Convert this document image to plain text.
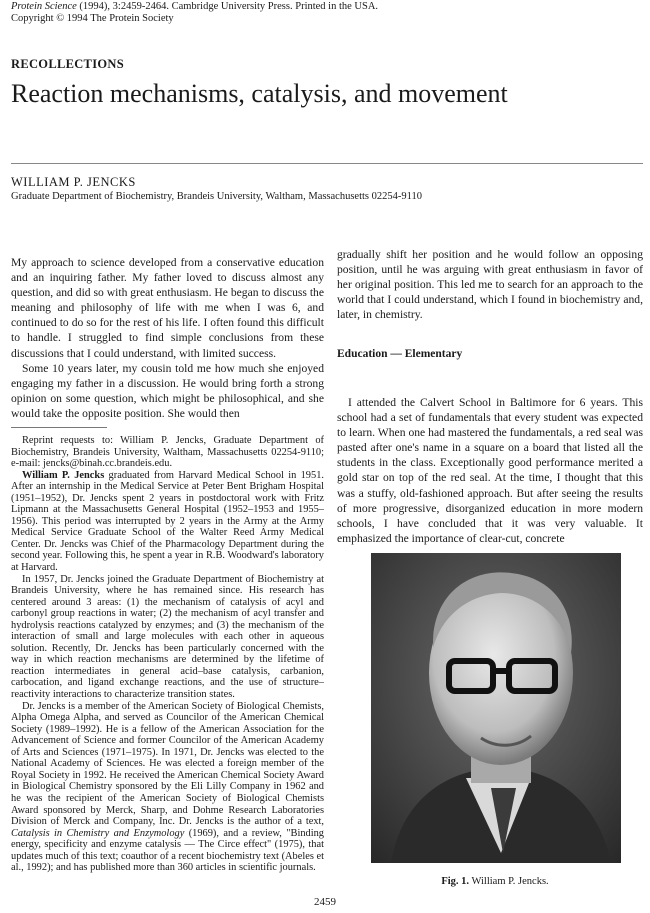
Protein Science (1994), 3:2459-2464. Cambridge University Press. Printed in the USA.
Copyright © 1994 The Protein Society
RECOLLECTIONS
Reaction mechanisms, catalysis, and movement
WILLIAM P. JENCKS
Graduate Department of Biochemistry, Brandeis University, Waltham, Massachusetts 02254-9110

My approach to science developed from a conservative education and an inquiring father. My father loved to discuss almost any question, and did so with great enthusiasm. He began to discuss the meaning and philosophy of life with me when I was 6, and continued to do so for the rest of his life. I often found this difficult to handle. I struggled to find simple conclusions from these discussions that I could understand, with limited success.

Some 10 years later, my cousin told me how much she enjoyed engaging my father in a discussion. He would bring forth a strong opinion on some question, which might be philosophical, and she would take the opposite position. She would then

gradually shift her position and he would follow an opposing position, until he was arguing with great enthusiasm in favor of her original position. This led me to search for an approach to the world that I could understand, which I found in biochemistry and, later, in chemistry.

Education — Elementary

I attended the Calvert School in Baltimore for 6 years. This school had a set of fundamentals that every student was expected to learn. When one had mastered the fundamentals, a red seal was pasted after one's name in a square on a board that listed all the students in the class. Exceptionally good performance merited a gold star on top of the red seal. At the time, I thought that this was a stuffy, old-fashioned approach. But after seeing the results of more progressive, disorganized education in more modern schools, I have concluded that it was very valuable. It emphasized the importance of clear-cut, concrete

Reprint requests to: William P. Jencks, Graduate Department of Biochemistry, Brandeis University, Waltham, Massachusetts 02254-9110; e-mail: jencks@binah.cc.brandeis.edu.

William P. Jencks graduated from Harvard Medical School in 1951. After an internship in the Medical Service at Peter Bent Brigham Hospital (1951–1952), Dr. Jencks spent 2 years in postdoctoral work with Fritz Lipmann at the Massachusetts General Hospital (1952–1953 and 1955–1956). This period was interrupted by 2 years in the Army at the Army Medical Service Graduate School of the Walter Reed Army Medical Center. Dr. Jencks was Chief of the Pharmacology Department during the second year. Following this, he spent a year in R.B. Woodward's laboratory at Harvard.

In 1957, Dr. Jencks joined the Graduate Department of Biochemistry at Brandeis University, where he has remained since. His research has centered around 3 areas: (1) the mechanism of catalysis of acyl and carbonyl group reactions in water; (2) the mechanism of acyl transfer and hydrolysis reactions catalyzed by enzymes; and (3) the mechanism of the interaction of small and large molecules with each other in aqueous solution. Recently, Dr. Jencks has been particularly concerned with the way in which reaction mechanisms are determined by the lifetime of reaction intermediates in general acid–base catalysis, carbanion, carbocation, and ligand exchange reactions, and the use of structure–reactivity interactions to characterize transition states.

Dr. Jencks is a member of the American Society of Biological Chemists, Alpha Omega Alpha, and served as Councilor of the American Chemical Society (1989–1992). He is a fellow of the American Association for the Advancement of Science and former Councilor of the American Academy of Arts and Sciences (1971–1975). In 1971, Dr. Jencks was elected to the National Academy of Sciences. He was elected a foreign member of the Royal Society in 1992. He received the American Chemical Society Award in Biological Chemistry sponsored by the Eli Lilly Company in 1962 and he was the recipient of the American Society of Biological Chemists Award sponsored by Merck, Sharp, and Dohme Research Laboratories Division of Merck and Company, Inc. Dr. Jencks is the author of a text, Catalysis in Chemistry and Enzymology (1969), and a review, "Binding energy, specificity and enzyme catalysis — The Circe effect" (1975), that updates much of this text; coauthor of a recent biochemistry text (Abeles et al., 1992); and has published more than 360 articles in scientific journals.

Fig. 1. William P. Jencks.
2459
